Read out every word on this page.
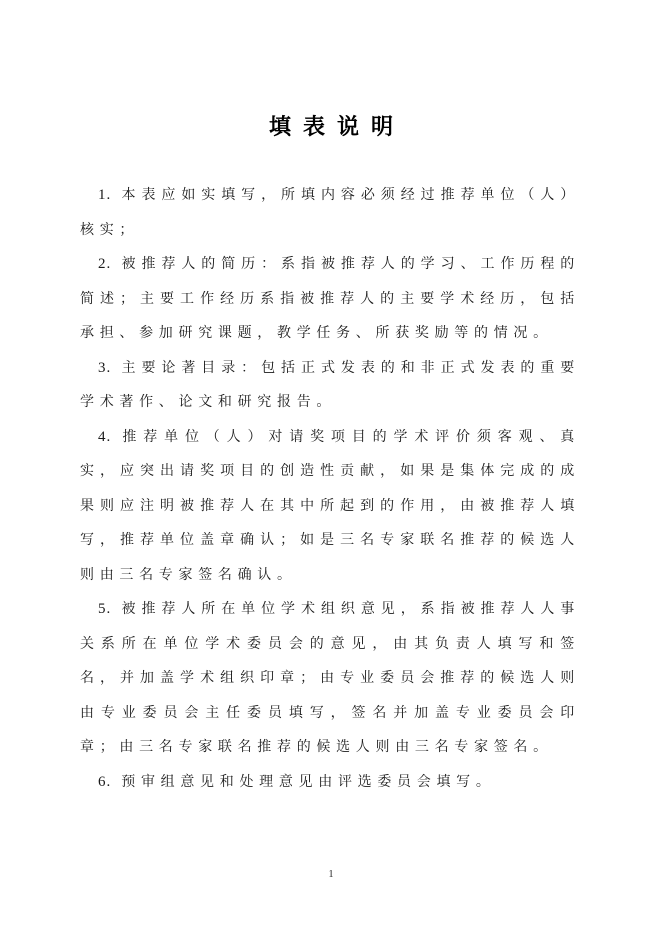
填表说明

1. 本表应如实填写，所填内容必须经过推荐单位（人）核实；

2. 被推荐人的简历：系指被推荐人的学习、工作历程的简述；主要工作经历系指被推荐人的主要学术经历，包括承担、参加研究课题，教学任务、所获奖励等的情况。

3. 主要论著目录：包括正式发表的和非正式发表的重要学术著作、论文和研究报告。

4. 推荐单位（人）对请奖项目的学术评价须客观、真实，应突出请奖项目的创造性贡献，如果是集体完成的成果则应注明被推荐人在其中所起到的作用，由被推荐人填写，推荐单位盖章确认；如是三名专家联名推荐的候选人则由三名专家签名确认。

5. 被推荐人所在单位学术组织意见，系指被推荐人人事关系所在单位学术委员会的意见，由其负责人填写和签名，并加盖学术组织印章；由专业委员会推荐的候选人则由专业委员会主任委员填写，签名并加盖专业委员会印章；由三名专家联名推荐的候选人则由三名专家签名。

6. 预审组意见和处理意见由评选委员会填写。

1
